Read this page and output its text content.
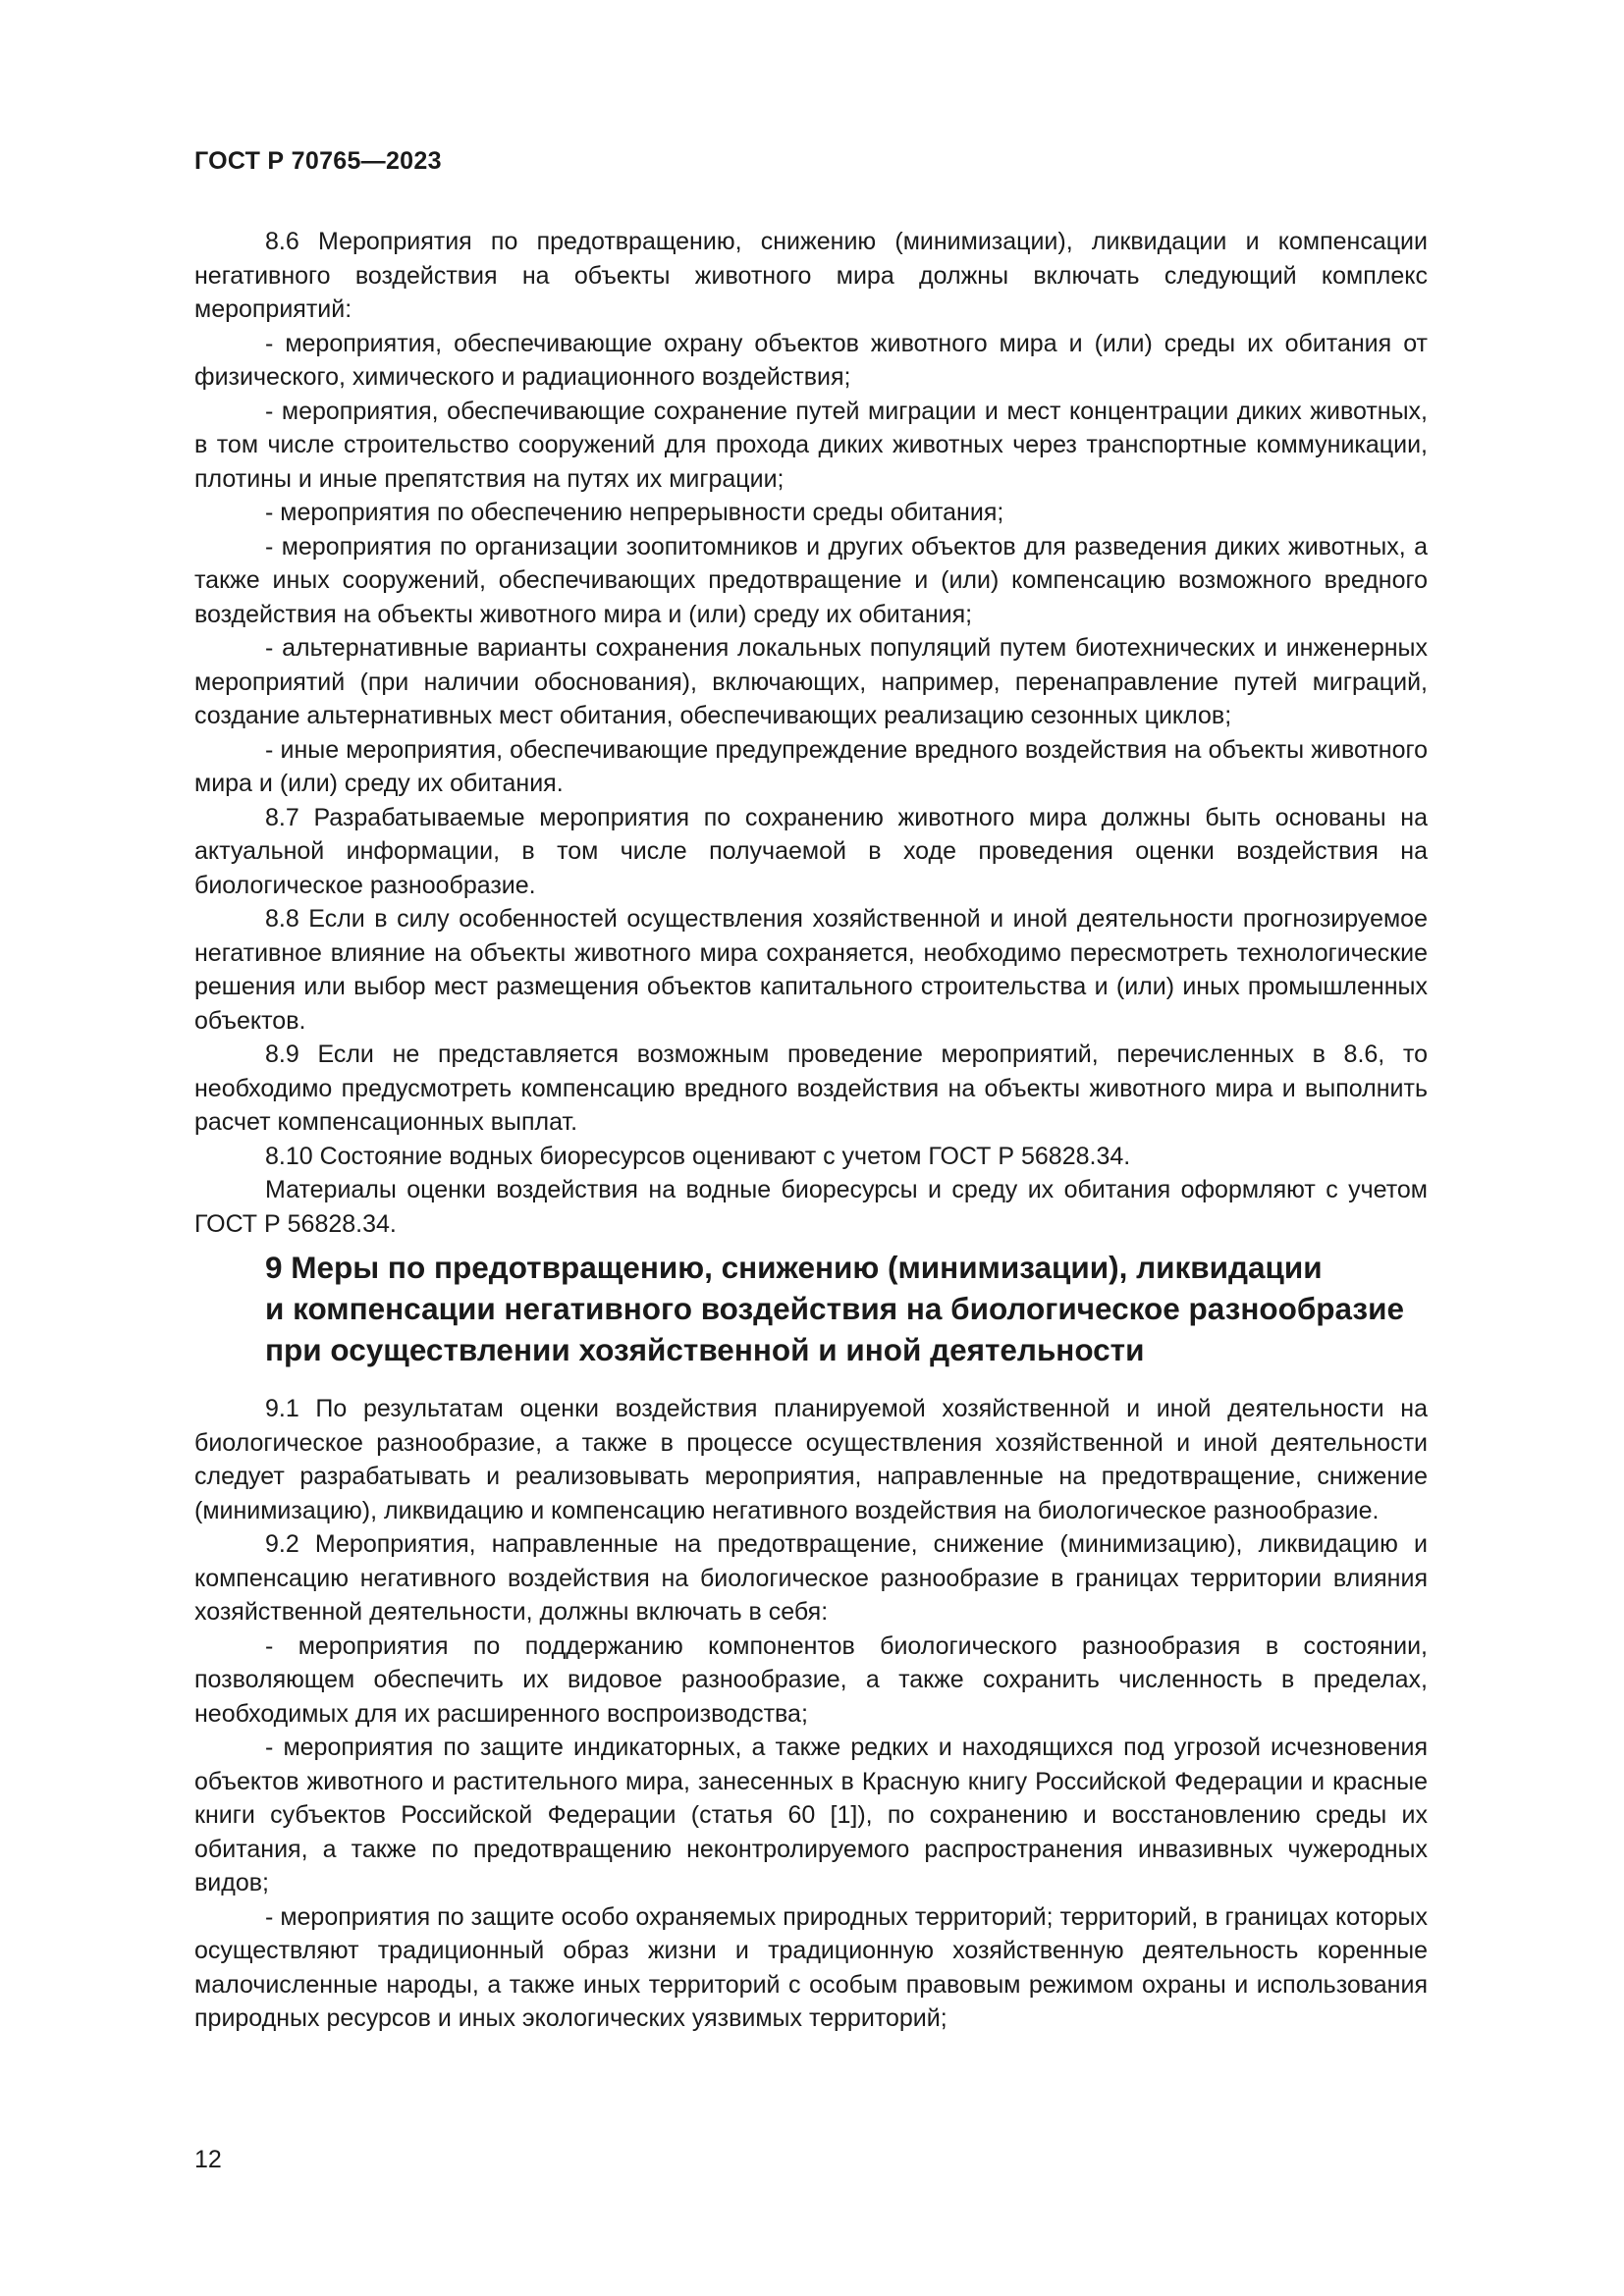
ГОСТ Р 70765—2023

8.6 Мероприятия по предотвращению, снижению (минимизации), ликвидации и компенсации негативного воздействия на объекты животного мира должны включать следующий комплекс мероприятий:

- мероприятия, обеспечивающие охрану объектов животного мира и (или) среды их обитания от физического, химического и радиационного воздействия;

- мероприятия, обеспечивающие сохранение путей миграции и мест концентрации диких животных, в том числе строительство сооружений для прохода диких животных через транспортные коммуникации, плотины и иные препятствия на путях их миграции;

- мероприятия по обеспечению непрерывности среды обитания;

- мероприятия по организации зоопитомников и других объектов для разведения диких животных, а также иных сооружений, обеспечивающих предотвращение и (или) компенсацию возможного вредного воздействия на объекты животного мира и (или) среду их обитания;

- альтернативные варианты сохранения локальных популяций путем биотехнических и инженерных мероприятий (при наличии обоснования), включающих, например, перенаправление путей миграций, создание альтернативных мест обитания, обеспечивающих реализацию сезонных циклов;

- иные мероприятия, обеспечивающие предупреждение вредного воздействия на объекты животного мира и (или) среду их обитания.

8.7 Разрабатываемые мероприятия по сохранению животного мира должны быть основаны на актуальной информации, в том числе получаемой в ходе проведения оценки воздействия на биологическое разнообразие.

8.8 Если в силу особенностей осуществления хозяйственной и иной деятельности прогнозируемое негативное влияние на объекты животного мира сохраняется, необходимо пересмотреть технологические решения или выбор мест размещения объектов капитального строительства и (или) иных промышленных объектов.

8.9 Если не представляется возможным проведение мероприятий, перечисленных в 8.6, то необходимо предусмотреть компенсацию вредного воздействия на объекты животного мира и выполнить расчет компенсационных выплат.

8.10 Состояние водных биоресурсов оценивают с учетом ГОСТ Р 56828.34.

Материалы оценки воздействия на водные биоресурсы и среду их обитания оформляют с учетом ГОСТ Р 56828.34.

9 Меры по предотвращению, снижению (минимизации), ликвидации
и компенсации негативного воздействия на биологическое разнообразие
при осуществлении хозяйственной и иной деятельности

9.1 По результатам оценки воздействия планируемой хозяйственной и иной деятельности на биологическое разнообразие, а также в процессе осуществления хозяйственной и иной деятельности следует разрабатывать и реализовывать мероприятия, направленные на предотвращение, снижение (минимизацию), ликвидацию и компенсацию негативного воздействия на биологическое разнообразие.

9.2 Мероприятия, направленные на предотвращение, снижение (минимизацию), ликвидацию и компенсацию негативного воздействия на биологическое разнообразие в границах территории влияния хозяйственной деятельности, должны включать в себя:

- мероприятия по поддержанию компонентов биологического разнообразия в состоянии, позволяющем обеспечить их видовое разнообразие, а также сохранить численность в пределах, необходимых для их расширенного воспроизводства;

- мероприятия по защите индикаторных, а также редких и находящихся под угрозой исчезновения объектов животного и растительного мира, занесенных в Красную книгу Российской Федерации и красные книги субъектов Российской Федерации (статья 60 [1]), по сохранению и восстановлению среды их обитания, а также по предотвращению неконтролируемого распространения инвазивных чужеродных видов;

- мероприятия по защите особо охраняемых природных территорий; территорий, в границах которых осуществляют традиционный образ жизни и традиционную хозяйственную деятельность коренные малочисленные народы, а также иных территорий с особым правовым режимом охраны и использования природных ресурсов и иных экологических уязвимых территорий;

12
